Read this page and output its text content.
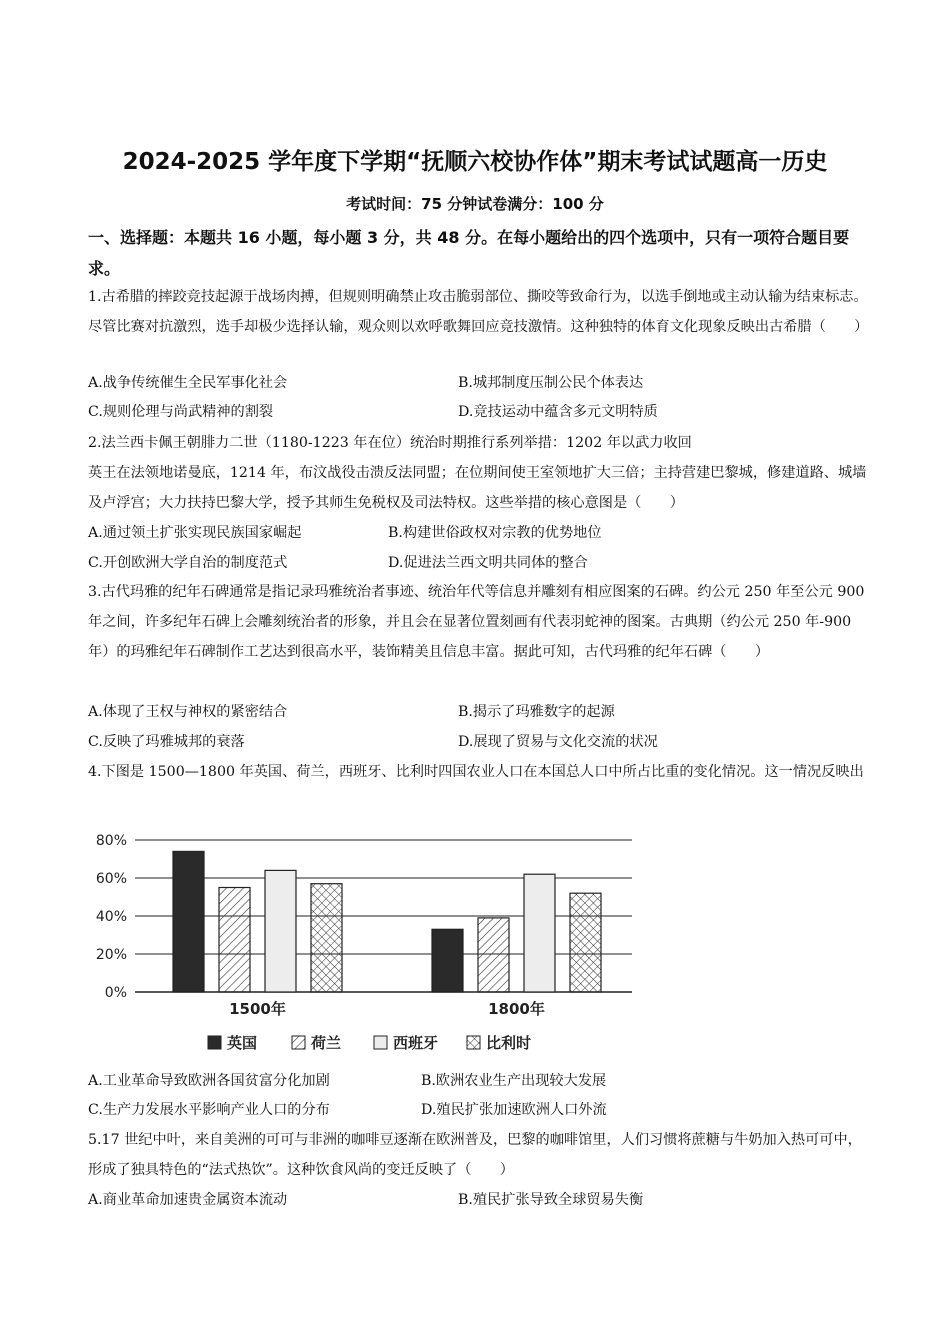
2024-2025 学年度下学期“抚顺六校协作体”期末考试试题高一历史
考试时间：75 分钟试卷满分：100 分
一、选择题：本题共 16 小题，每小题 3 分，共 48 分。在每小题给出的四个选项中，只有一项符合题目要求。
1.古希腊的摔跤竞技起源于战场肉搏，但规则明确禁止攻击脆弱部位、撕咬等致命行为，以选手倒地或主动认输为结束标志。尽管比赛对抗激烈，选手却极少选择认输，观众则以欢呼歌舞回应竞技激情。这种独特的体育文化现象反映出古希腊（　　）
A.战争传统催生全民军事化社会	B.城邦制度压制公民个体表达
C.规则伦理与尚武精神的割裂	D.竞技运动中蕴含多元文明特质
2.法兰西卡佩王朝腓力二世（1180-1223 年在位）统治时期推行系列举措：1202 年以武力收回
英王在法领地诺曼底，1214 年，布汶战役击溃反法同盟；在位期间使王室领地扩大三倍；主持营建巴黎城，修建道路、城墙及卢浮宫；大力扶持巴黎大学，授予其师生免税权及司法特权。这些举措的核心意图是（　　）
A.通过领土扩张实现民族国家崛起	B.构建世俗政权对宗教的优势地位
C.开创欧洲大学自治的制度范式	D.促进法兰西文明共同体的整合
3.古代玛雅的纪年石碑通常是指记录玛雅统治者事迹、统治年代等信息并雕刻有相应图案的石碑。约公元 250 年至公元 900 年之间，许多纪年石碑上会雕刻统治者的形象，并且会在显著位置刻画有代表羽蛇神的图案。古典期（约公元 250 年-900 年）的玛雅纪年石碑制作工艺达到很高水平，装饰精美且信息丰富。据此可知，古代玛雅的纪年石碑（　　）
A.体现了王权与神权的紧密结合	B.揭示了玛雅数字的起源
C.反映了玛雅城邦的衰落	D.展现了贸易与文化交流的状况
4.下图是 1500—1800 年英国、荷兰，西班牙、比利时四国农业人口在本国总人口中所占比重的变化情况。这一情况反映出
0%
20%
40%
60%
80%
1500年	1800年
英国	荷兰	西班牙	比利时
A.工业革命导致欧洲各国贫富分化加剧	B.欧洲农业生产出现较大发展
C.生产力发展水平影响产业人口的分布	D.殖民扩张加速欧洲人口外流
5.17 世纪中叶，来自美洲的可可与非洲的咖啡豆逐渐在欧洲普及，巴黎的咖啡馆里，人们习惯将蔗糖与牛奶加入热可可中，形成了独具特色的“法式热饮”。这种饮食风尚的变迁反映了（　　）
A.商业革命加速贵金属资本流动	B.殖民扩张导致全球贸易失衡
